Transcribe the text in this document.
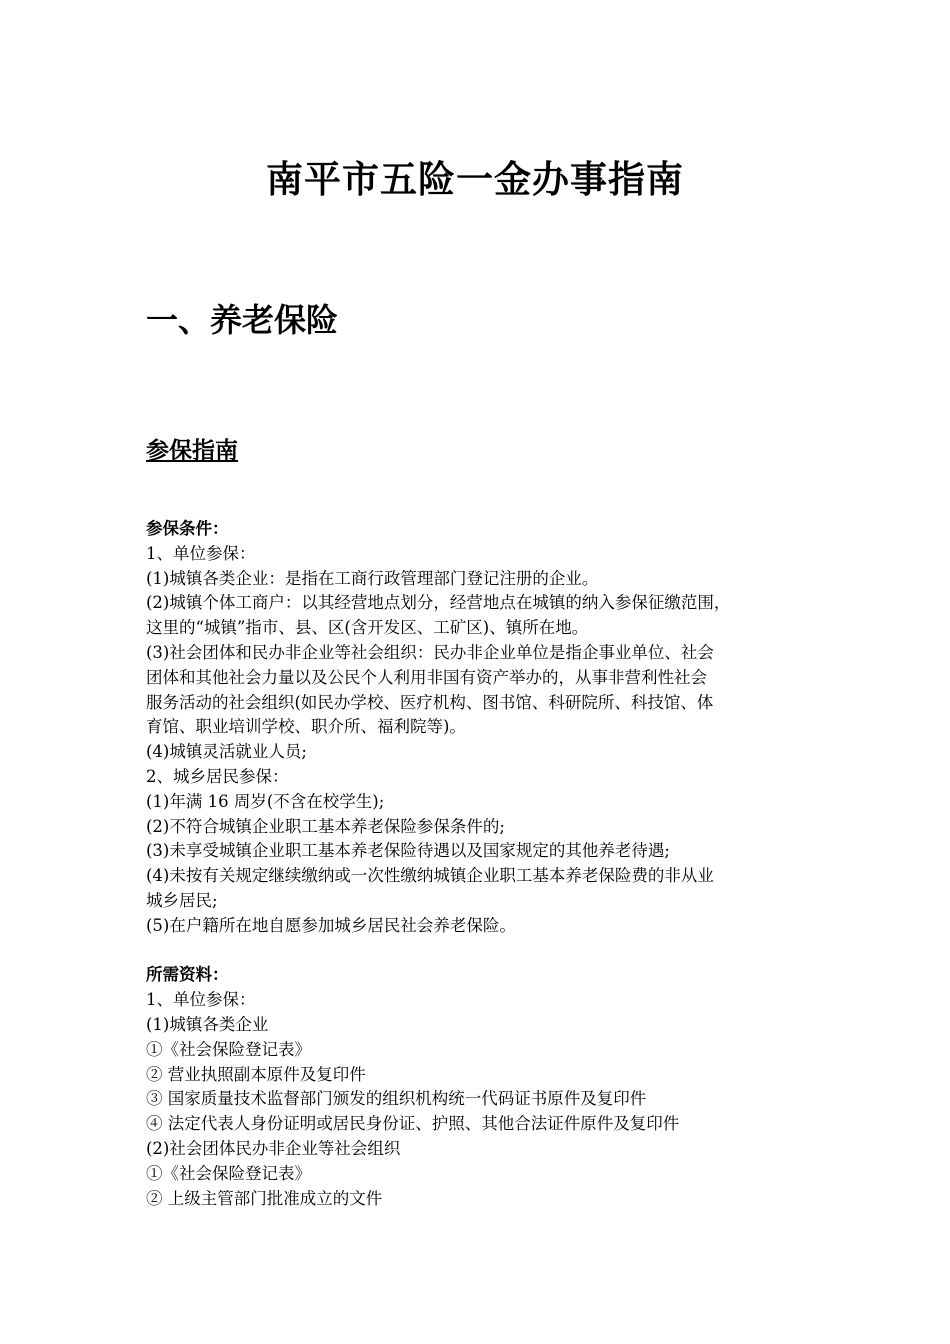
南平市五险一金办事指南
一、养老保险
参保指南
参保条件：
1、单位参保：
(1)城镇各类企业：是指在工商行政管理部门登记注册的企业。
(2)城镇个体工商户：以其经营地点划分，经营地点在城镇的纳入参保征缴范围，
这里的“城镇”指市、县、区(含开发区、工矿区)、镇所在地。
(3)社会团体和民办非企业等社会组织：民办非企业单位是指企事业单位、社会
团体和其他社会力量以及公民个人利用非国有资产举办的，从事非营利性社会
服务活动的社会组织(如民办学校、医疗机构、图书馆、科研院所、科技馆、体
育馆、职业培训学校、职介所、福利院等)。
(4)城镇灵活就业人员;
2、城乡居民参保：
(1)年满 16 周岁(不含在校学生);
(2)不符合城镇企业职工基本养老保险参保条件的;
(3)未享受城镇企业职工基本养老保险待遇以及国家规定的其他养老待遇;
(4)未按有关规定继续缴纳或一次性缴纳城镇企业职工基本养老保险费的非从业
城乡居民;
(5)在户籍所在地自愿参加城乡居民社会养老保险。
所需资料：
1、单位参保：
(1)城镇各类企业
①《社会保险登记表》
② 营业执照副本原件及复印件
③ 国家质量技术监督部门颁发的组织机构统一代码证书原件及复印件
④ 法定代表人身份证明或居民身份证、护照、其他合法证件原件及复印件
(2)社会团体民办非企业等社会组织
①《社会保险登记表》
② 上级主管部门批准成立的文件
